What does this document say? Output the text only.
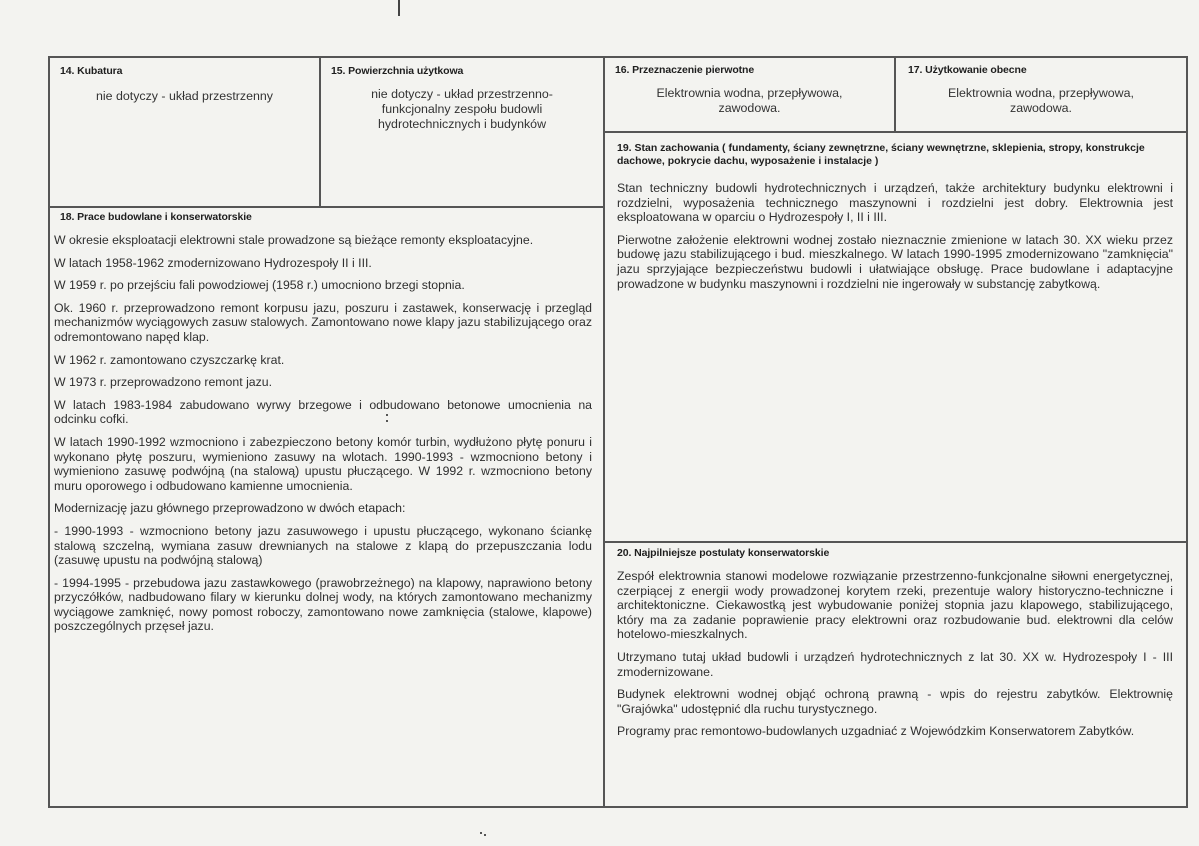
14. Kubatura
nie dotyczy - układ przestrzenny
15. Powierzchnia użytkowa
nie dotyczy - układ przestrzenno-funkcjonalny zespołu budowli hydrotechnicznych i budynków
16. Przeznaczenie pierwotne
Elektrownia wodna, przepływowa, zawodowa.
17. Użytkowanie obecne
Elektrownia wodna, przepływowa, zawodowa.
19. Stan zachowania ( fundamenty, ściany zewnętrzne, ściany wewnętrzne, sklepienia, stropy, konstrukcje dachowe, pokrycie dachu, wyposażenie i instalacje )

Stan techniczny budowli hydrotechnicznych i urządzeń, także architektury budynku elektrowni i rozdzielni, wyposażenia technicznego maszynowni i rozdzielni jest dobry. Elektrownia jest eksploatowana w oparciu o Hydrozespoły I, II i III.

Pierwotne założenie elektrowni wodnej zostało nieznacznie zmienione w latach 30. XX wieku przez budowę jazu stabilizującego i bud. mieszkalnego. W latach 1990-1995 zmodernizowano "zamknięcia" jazu sprzyjające bezpieczeństwu budowli i ułatwiające obsługę. Prace budowlane i adaptacyjne prowadzone w budynku maszynowni i rozdzielni nie ingerowały w substancję zabytkową.

18. Prace budowlane i konserwatorskie

W okresie eksploatacji elektrowni stale prowadzone są bieżące remonty eksploatacyjne.

W latach 1958-1962 zmodernizowano Hydrozespoły II i III.

W 1959 r. po przejściu fali powodziowej (1958 r.) umocniono brzegi stopnia.

Ok. 1960 r. przeprowadzono remont korpusu jazu, poszuru i zastawek, konserwację i przegląd mechanizmów wyciągowych zasuw stalowych. Zamontowano nowe klapy jazu stabilizującego oraz odremontowano napęd klap.

W 1962 r. zamontowano czyszczarkę krat.

W 1973 r. przeprowadzono remont jazu.

W latach 1983-1984 zabudowano wyrwy brzegowe i odbudowano betonowe umocnienia na odcinku cofki.

W latach 1990-1992 wzmocniono i zabezpieczono betony komór turbin, wydłużono płytę ponuru i wykonano płytę poszuru, wymieniono zasuwy na wlotach. 1990-1993 - wzmocniono betony i wymieniono zasuwę podwójną (na stalową) upustu płuczącego. W 1992 r. wzmocniono betony muru oporowego i odbudowano kamienne umocnienia.

Modernizację jazu głównego przeprowadzono w dwóch etapach:

- 1990-1993 - wzmocniono betony jazu zasuwowego i upustu płuczącego, wykonano ściankę stalową szczelną, wymiana zasuw drewnianych na stalowe z klapą do przepuszczania lodu (zasuwę upustu na podwójną stalową)

- 1994-1995 - przebudowa jazu zastawkowego (prawobrzeżnego) na klapowy, naprawiono betony przyczółków, nadbudowano filary w kierunku dolnej wody, na których zamontowano mechanizmy wyciągowe zamknięć, nowy pomost roboczy, zamontowano nowe zamknięcia (stalowe, klapowe) poszczególnych przęseł jazu.

20. Najpilniejsze postulaty konserwatorskie

Zespół elektrownia stanowi modelowe rozwiązanie przestrzenno-funkcjonalne siłowni energetycznej, czerpiącej z energii wody prowadzonej korytem rzeki, prezentuje walory historyczno-techniczne i architektoniczne. Ciekawostką jest wybudowanie poniżej stopnia jazu klapowego, stabilizującego, który ma za zadanie poprawienie pracy elektrowni oraz rozbudowanie bud. elektrowni dla celów hotelowo-mieszkalnych.

Utrzymano tutaj układ budowli i urządzeń hydrotechnicznych z lat 30. XX w. Hydrozespoły I - III zmodernizowane.

Budynek elektrowni wodnej objąć ochroną prawną - wpis do rejestru zabytków. Elektrownię "Grajówka" udostępnić dla ruchu turystycznego.

Programy prac remontowo-budowlanych uzgadniać z Wojewódzkim Konserwatorem Zabytków.
